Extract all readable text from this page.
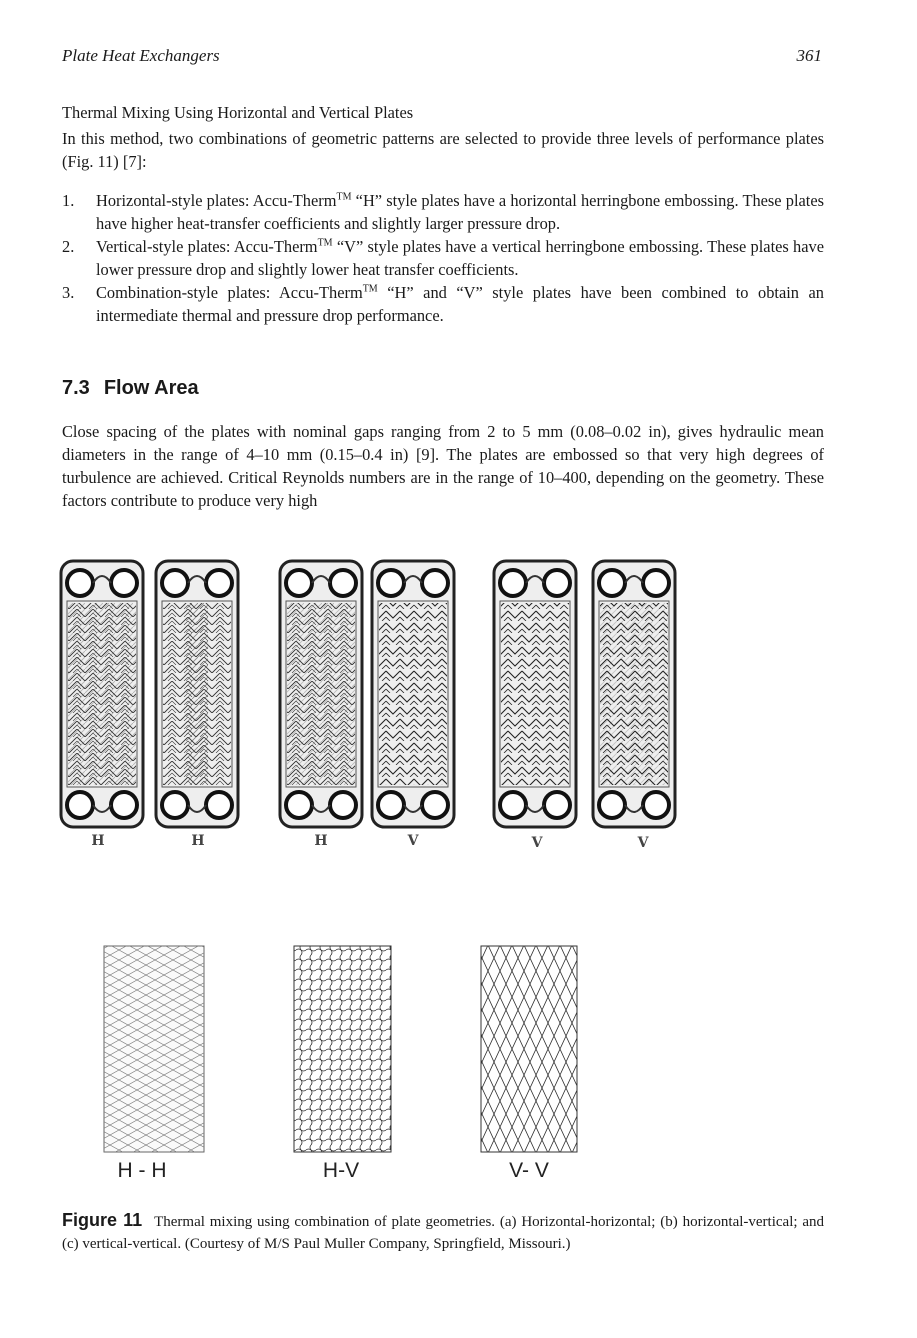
Plate Heat Exchangers	361
Thermal Mixing Using Horizontal and Vertical Plates
In this method, two combinations of geometric patterns are selected to provide three levels of performance plates (Fig. 11) [7]:
1. Horizontal-style plates: Accu-Therm™ “H” style plates have a horizontal herringbone embossing. These plates have higher heat-transfer coefficients and slightly larger pressure drop.
2. Vertical-style plates: Accu-Therm™ “V” style plates have a vertical herringbone embossing. These plates have lower pressure drop and slightly lower heat transfer coefficients.
3. Combination-style plates: Accu-Therm™ “H” and “V” style plates have been combined to obtain an intermediate thermal and pressure drop performance.
7.3 Flow Area
Close spacing of the plates with nominal gaps ranging from 2 to 5 mm (0.08–0.02 in), gives hydraulic mean diameters in the range of 4–10 mm (0.15–0.4 in) [9]. The plates are embossed so that very high degrees of turbulence are achieved. Critical Reynolds numbers are in the range of 10–400, depending on the geometry. These factors contribute to produce very high
H	H	H	V	V	V
H - H	H-V	V- V
Figure 11 Thermal mixing using combination of plate geometries. (a) Horizontal-horizontal; (b) horizontal-vertical; and (c) vertical-vertical. (Courtesy of M/S Paul Muller Company, Springfield, Missouri.)
